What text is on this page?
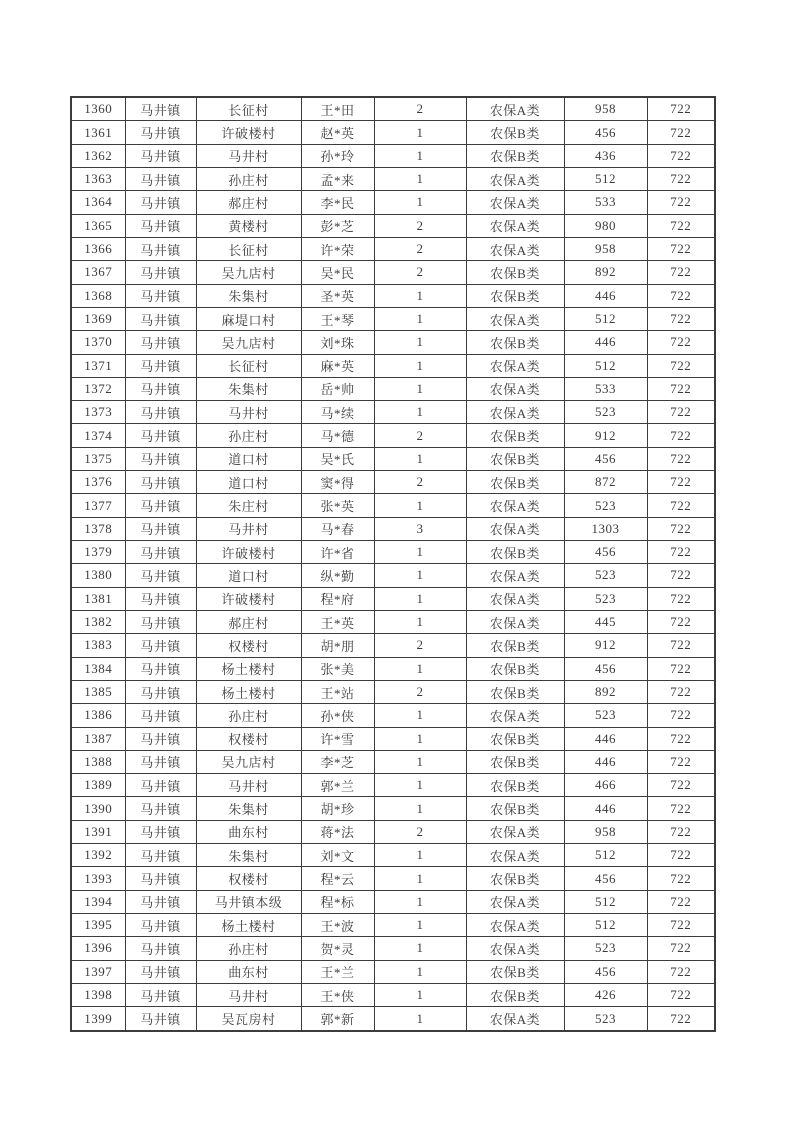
1360	马井镇	长征村	王*田	2	农保A类	958	722
1361	马井镇	许破楼村	赵*英	1	农保B类	456	722
1362	马井镇	马井村	孙*玲	1	农保B类	436	722
1363	马井镇	孙庄村	孟*来	1	农保A类	512	722
1364	马井镇	郝庄村	李*民	1	农保A类	533	722
1365	马井镇	黄楼村	彭*芝	2	农保A类	980	722
1366	马井镇	长征村	许*荣	2	农保A类	958	722
1367	马井镇	吴九店村	吴*民	2	农保B类	892	722
1368	马井镇	朱集村	圣*英	1	农保B类	446	722
1369	马井镇	麻堤口村	王*琴	1	农保A类	512	722
1370	马井镇	吴九店村	刘*珠	1	农保B类	446	722
1371	马井镇	长征村	麻*英	1	农保A类	512	722
1372	马井镇	朱集村	岳*帅	1	农保A类	533	722
1373	马井镇	马井村	马*续	1	农保A类	523	722
1374	马井镇	孙庄村	马*德	2	农保B类	912	722
1375	马井镇	道口村	吴*氏	1	农保B类	456	722
1376	马井镇	道口村	窦*得	2	农保B类	872	722
1377	马井镇	朱庄村	张*英	1	农保A类	523	722
1378	马井镇	马井村	马*春	3	农保A类	1303	722
1379	马井镇	许破楼村	许*省	1	农保B类	456	722
1380	马井镇	道口村	纵*勤	1	农保A类	523	722
1381	马井镇	许破楼村	程*府	1	农保A类	523	722
1382	马井镇	郝庄村	王*英	1	农保A类	445	722
1383	马井镇	权楼村	胡*朋	2	农保B类	912	722
1384	马井镇	杨土楼村	张*美	1	农保B类	456	722
1385	马井镇	杨土楼村	王*站	2	农保B类	892	722
1386	马井镇	孙庄村	孙*侠	1	农保A类	523	722
1387	马井镇	权楼村	许*雪	1	农保B类	446	722
1388	马井镇	吴九店村	李*芝	1	农保B类	446	722
1389	马井镇	马井村	郭*兰	1	农保B类	466	722
1390	马井镇	朱集村	胡*珍	1	农保B类	446	722
1391	马井镇	曲东村	蒋*法	2	农保A类	958	722
1392	马井镇	朱集村	刘*文	1	农保A类	512	722
1393	马井镇	权楼村	程*云	1	农保B类	456	722
1394	马井镇	马井镇本级	程*标	1	农保A类	512	722
1395	马井镇	杨土楼村	王*波	1	农保A类	512	722
1396	马井镇	孙庄村	贺*灵	1	农保A类	523	722
1397	马井镇	曲东村	王*兰	1	农保B类	456	722
1398	马井镇	马井村	王*侠	1	农保B类	426	722
1399	马井镇	吴瓦房村	郭*新	1	农保A类	523	722
